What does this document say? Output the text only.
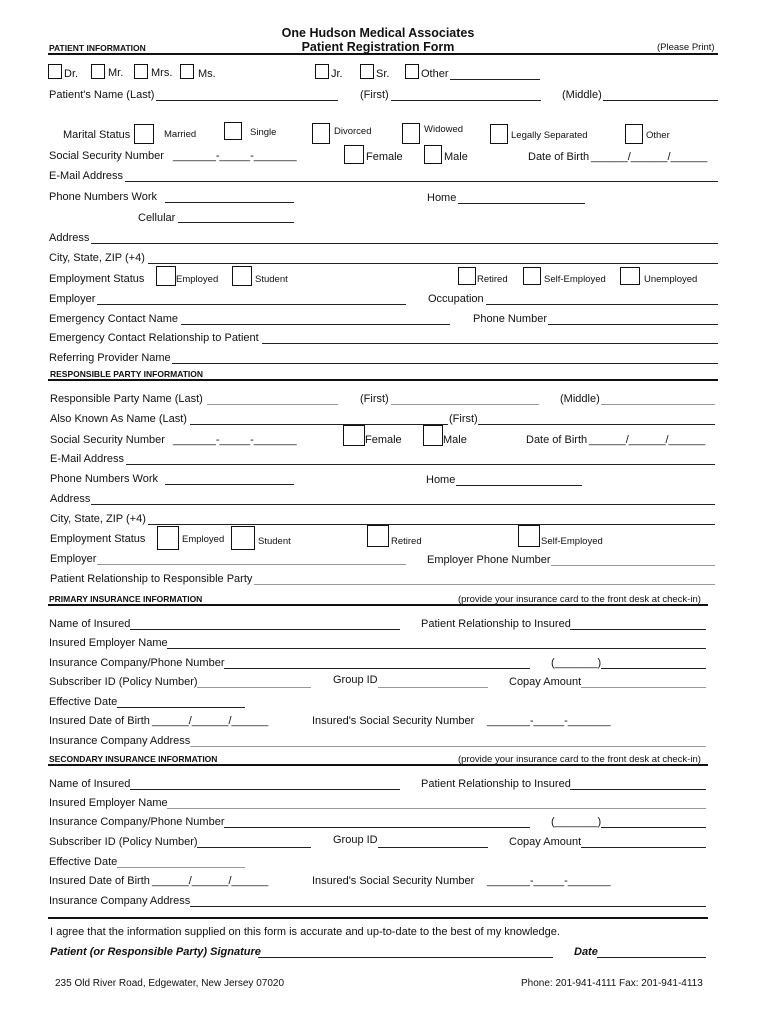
One Hudson Medical Associates
Patient Registration Form
PATIENT INFORMATION	(Please Print)
Dr.	Mr.	Mrs. Ms.	Jr.	Sr.	Other
Patient's Name (Last)	(First)	(Middle)
Marital Status	Married	Single	Divorced	Widowed
Legally Separated	Other
Social Security Number _______-_____-_______	Female	Male	Date of Birth ______/______/______
E-Mail Address
Phone Numbers Work	Home
Cellular
Address
City, State, ZIP (+4)
Employment Status	Employed	Student	Retired	Self-Employed	Unemployed
Employer	Occupation
Emergency Contact Name	Phone Number
Emergency Contact Relationship to Patient
Referring Provider Name
RESPONSIBLE PARTY INFORMATION
Responsible Party Name (Last)	(First)	(Middle)
Also Known As Name (Last)	(First)
Social Security Number _______-_____-_______	Female	Male	Date of Birth ______/______/______
E-Mail Address
Phone Numbers Work	Home
Address
City, State, ZIP (+4)
Employment Status	Employed	Student	Retired	Self-Employed
Employer	Employer Phone Number
Patient Relationship to Responsible Party
PRIMARY INSURANCE INFORMATION	(provide your insurance card to the front desk at check-in)
Name of Insured	Patient Relationship to Insured
Insured Employer Name
Insurance Company/Phone Number	(_______)
Subscriber ID (Policy Number)	Group ID	Copay Amount
Effective Date
Insured Date of Birth ______/______/______	Insured's Social Security Number _______-_____-_______
Insurance Company Address
SECONDARY INSURANCE INFORMATION	(provide your insurance card to the front desk at check-in)
Name of Insured	Patient Relationship to Insured
Insured Employer Name
Insurance Company/Phone Number	(_______)
Subscriber ID (Policy Number)	Group ID	Copay Amount
Effective Date
Insured Date of Birth ______/______/______	Insured's Social Security Number _______-_____-_______
Insurance Company Address
I agree that the information supplied on this form is accurate and up-to-date to the best of my knowledge.
Patient (or Responsible Party) Signature	Date
235 Old River Road, Edgewater, New Jersey 07020	Phone: 201-941-4111 Fax: 201-941-4113
